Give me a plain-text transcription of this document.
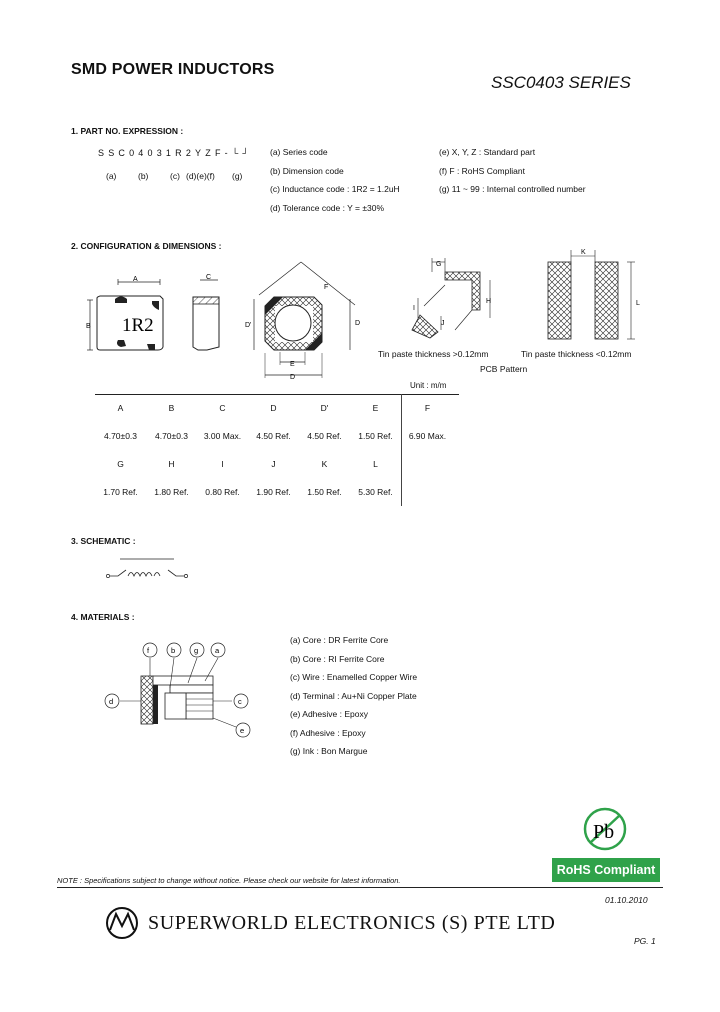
SMD POWER INDUCTORS
SSC0403 SERIES
1. PART NO. EXPRESSION :
SSC04031R2YZF-└┘
(a)	(b)	(c) (d)(e)(f) (g)
(a) Series code
(b) Dimension code
(c) Inductance code : 1R2 = 1.2uH
(d) Tolerance code : Y = ±30%
(e) X, Y, Z : Standard part
(f) F : RoHS Compliant
(g) 11 ~ 99 : Internal controlled number
2. CONFIGURATION & DIMENSIONS :
A
B 1R2
C
D'	D
E
D
F
G
H
I
J
K
L
f	b	g a
d	c
e
Pb
Tin paste thickness >0.12mm	Tin paste thickness <0.12mm
PCB Pattern
Unit : m/m
A	B	C	D	D'	E	F
4.70±0.3	4.70±0.3	3.00 Max.	4.50 Ref.	4.50 Ref.	1.50 Ref.	6.90 Max.
G	H	I	J	K	L	
1.70 Ref.	1.80 Ref.	0.80 Ref.	1.90 Ref.	1.50 Ref.	5.30 Ref.	
3. SCHEMATIC :
4. MATERIALS :
(a) Core : DR Ferrite Core
(b) Core : RI Ferrite Core
(c) Wire : Enamelled Copper Wire
(d) Terminal : Au+Ni Copper Plate
(e) Adhesive : Epoxy
(f) Adhesive : Epoxy
(g) Ink : Bon Margue
RoHS Compliant
NOTE : Specifications subject to change without notice. Please check our website for latest information.
01.10.2010
SUPERWORLD ELECTRONICS (S) PTE LTD
PG. 1
